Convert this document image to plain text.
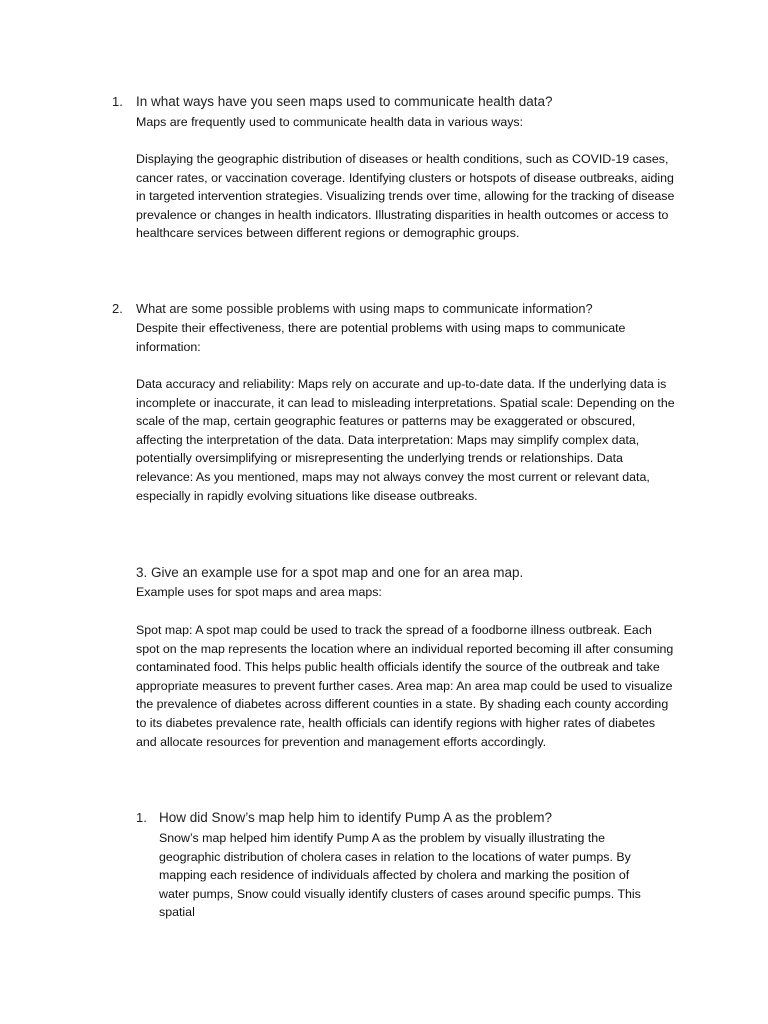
1. In what ways have you seen maps used to communicate health data?

Maps are frequently used to communicate health data in various ways:

Displaying the geographic distribution of diseases or health conditions, such as COVID-19 cases, cancer rates, or vaccination coverage. Identifying clusters or hotspots of disease outbreaks, aiding in targeted intervention strategies. Visualizing trends over time, allowing for the tracking of disease prevalence or changes in health indicators. Illustrating disparities in health outcomes or access to healthcare services between different regions or demographic groups.

2. What are some possible problems with using maps to communicate information?

Despite their effectiveness, there are potential problems with using maps to communicate information:

Data accuracy and reliability: Maps rely on accurate and up-to-date data. If the underlying data is incomplete or inaccurate, it can lead to misleading interpretations. Spatial scale: Depending on the scale of the map, certain geographic features or patterns may be exaggerated or obscured, affecting the interpretation of the data. Data interpretation: Maps may simplify complex data, potentially oversimplifying or misrepresenting the underlying trends or relationships. Data relevance: As you mentioned, maps may not always convey the most current or relevant data, especially in rapidly evolving situations like disease outbreaks.

3. Give an example use for a spot map and one for an area map.

Example uses for spot maps and area maps:

Spot map: A spot map could be used to track the spread of a foodborne illness outbreak. Each spot on the map represents the location where an individual reported becoming ill after consuming contaminated food. This helps public health officials identify the source of the outbreak and take appropriate measures to prevent further cases. Area map: An area map could be used to visualize the prevalence of diabetes across different counties in a state. By shading each county according to its diabetes prevalence rate, health officials can identify regions with higher rates of diabetes and allocate resources for prevention and management efforts accordingly.

1. How did Snow’s map help him to identify Pump A as the problem?

Snow’s map helped him identify Pump A as the problem by visually illustrating the geographic distribution of cholera cases in relation to the locations of water pumps. By mapping each residence of individuals affected by cholera and marking the position of water pumps, Snow could visually identify clusters of cases around specific pumps. This spatial
